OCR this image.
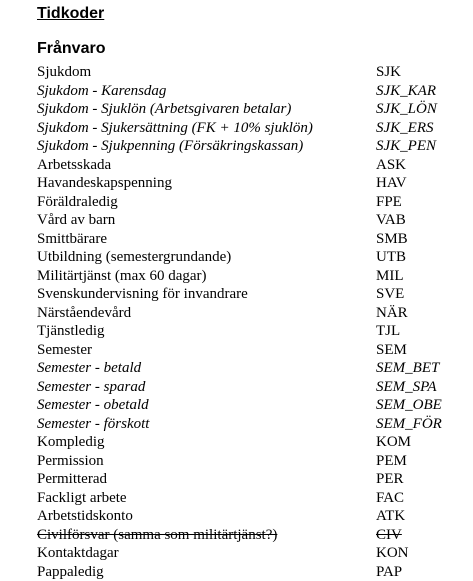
Tidkoder
Frånvaro
Sjukdom	SJK
Sjukdom - Karensdag	SJK_KAR
Sjukdom - Sjuklön (Arbetsgivaren betalar)	SJK_LÖN
Sjukdom - Sjukersättning (FK + 10% sjuklön)	SJK_ERS
Sjukdom - Sjukpenning (Försäkringskassan)	SJK_PEN
Arbetsskada	ASK
Havandeskapspenning	HAV
Föräldraledig	FPE
Vård av barn	VAB
Smittbärare	SMB
Utbildning (semestergrundande)	UTB
Militärtjänst (max 60 dagar)	MIL
Svenskundervisning för invandrare	SVE
Närståendevård	NÄR
Tjänstledig	TJL
Semester	SEM
Semester - betald	SEM_BET
Semester - sparad	SEM_SPA
Semester - obetald	SEM_OBE
Semester - förskott	SEM_FÖR
Kompledig	KOM
Permission	PEM
Permitterad	PER
Fackligt arbete	FAC
Arbetstidskonto	ATK
Civilförsvar (samma som militärtjänst?)	CIV
Kontaktdagar	KON
Pappaledig	PAP
